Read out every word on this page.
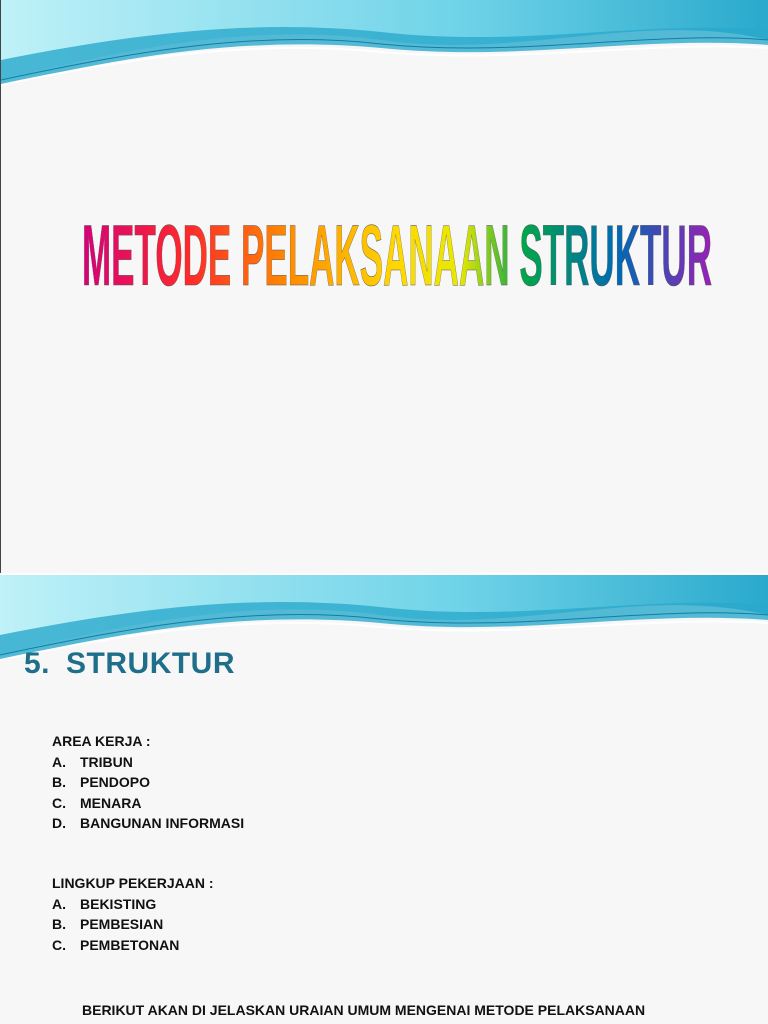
METODE PELAKSANAAN STRUKTUR
5. STRUKTUR
AREA KERJA :
A.	TRIBUN
B.	PENDOPO
C.	MENARA
D.	BANGUNAN INFORMASI
LINGKUP PEKERJAAN :
A.	BEKISTING
B.	PEMBESIAN
C.	PEMBETONAN
BERIKUT AKAN DI JELASKAN URAIAN UMUM MENGENAI METODE PELAKSANAAN
